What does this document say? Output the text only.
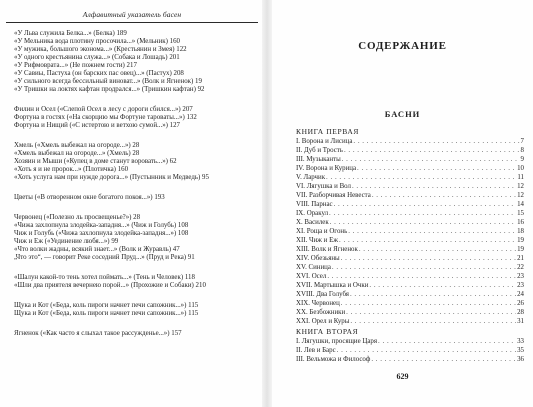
Алфавитный указатель басен
«У Льва служила Белка...» (Белка) 189
«У Мельника вода плотину просочила...» (Мельник) 160
«У мужика, большого эконома...» (Крестьянин и Змея) 122
«У одного крестьянина служа...» (Собака и Лошадь) 201
«У Рифмоврата...» (Не пожнем гости) 217
«У Савиы, Пастуха (он барских пас овец)...» (Пастух) 208
«У сильного всегда бессильный виноват...» (Волк и Ягненок) 19
«У Тришки на локтях кафтан продрался...» (Тришкин кафтан) 92
Филин и Осел («Слепой Осел в лесу с дороги сбился...») 207
Фортуна в гостях («На скорцию мы Фортуне тароваты...») 132
Фортуна и Нищий («С истертою и ветхою сумой...») 127
Хмель («Хмель выбежал на огороде...») 28
«Хмель выбежал на огороде...» (Хмель) 28
Хозяин и Мыши («Купец в доме станут воровать...») 62
«Хоть я и не пророк...» (Плотичка) 160
«Хоть услуга нам при нужде дорога...» (Пустынник и Медведь) 95
Цветы («В отворенном окне богатого покоя...») 193
Червонец («Полезно ль просвещенье?») 28
«Чижа захлопнула злодейка-западня...» (Чиж и Голубь) 108
Чиж и Голубь («Чижа захлопнула злодейка-западня...») 108
Чиж и Еж («Уединение любя...») 99
«Что волки жадны, всякий знает...» (Волк и Журавль) 47
„Что это“, — говорит Реке соседний Пруд...» (Пруд и Река) 91
«Шалун какой-то тень хотел поймать...» (Тень и Человек) 118
«Шли два приятеля вечернею порой...» (Прохожие и Собаки) 210
Щука и Кот («Беда, коль пироги начнет печи сапожник...») 115
Щука и Кот («Беда, коль пироги начнет печи сапожник...») 115
Ягненок («Как часто я слыхал такое рассужденье...») 157
СОДЕРЖАНИЕ
БАСНИ
КНИГА ПЕРВАЯ
КНИГА ВТОРАЯ
I. Ворона и Лисица . . .	7
II. Дуб и Трость . . .	8
III. Музыканты . . .	9
IV. Ворона и Курица . . .	10
V. Ларчик . . .	11
VI. Лягушка и Вол . . .	12
VII. Разборчивая Невеста . . .	12
VIII. Парнас . . .	14
IX. Оракул . . .	15
X. Василек . . .	16
XI. Роща и Огонь . . .	18
XII. Чиж и Еж . . .	19
XIII. Волк и Ягненок . . .	19
XIV. Обезьяны . . .	21
XV. Синица . . .	22
XVI. Осел . . .	23
XVII. Мартышка и Очки . . .	23
XVIII. Два Голубя . . .	24
XIX. Червонец . . .	26
XX. Безбожники . . .	28
XXI. Орел и Куры . . .	31
I. Лягушки, просящие Царя . . .	33
II. Лев и Барс . . .	35
III. Вельможа и Философ . . .	36
629
